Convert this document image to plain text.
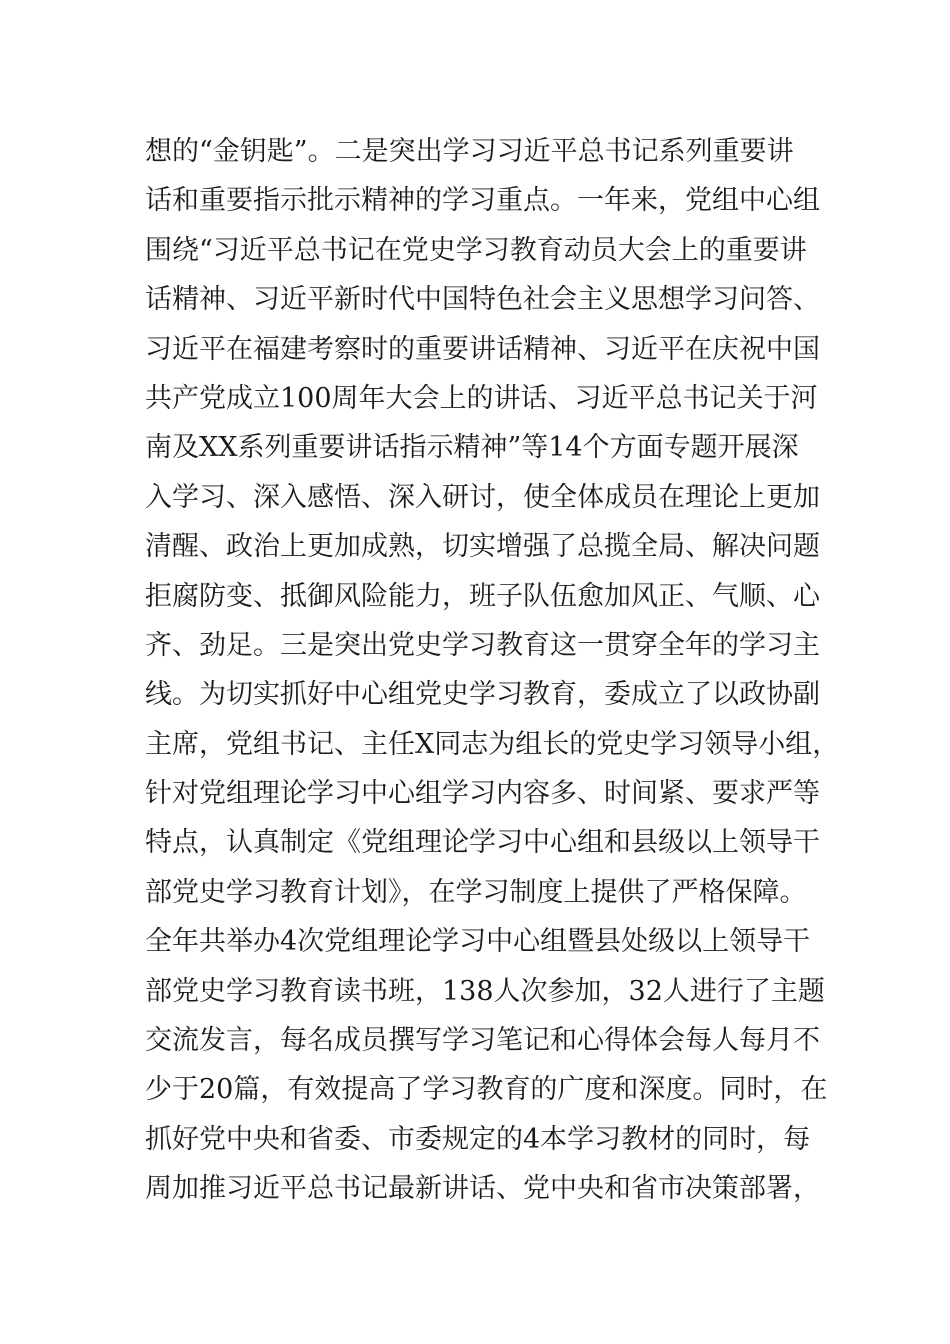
想的“金钥匙”。二是突出学习习近平总书记系列重要讲
话和重要指示批示精神的学习重点。一年来，党组中心组
围绕“习近平总书记在党史学习教育动员大会上的重要讲
话精神、习近平新时代中国特色社会主义思想学习问答、
习近平在福建考察时的重要讲话精神、习近平在庆祝中国
共产党成立100周年大会上的讲话、习近平总书记关于河
南及XX系列重要讲话指示精神”等14个方面专题开展深
入学习、深入感悟、深入研讨，使全体成员在理论上更加
清醒、政治上更加成熟，切实增强了总揽全局、解决问题
拒腐防变、抵御风险能力，班子队伍愈加风正、气顺、心
齐、劲足。三是突出党史学习教育这一贯穿全年的学习主
线。为切实抓好中心组党史学习教育，委成立了以政协副
主席，党组书记、主任X同志为组长的党史学习领导小组，
针对党组理论学习中心组学习内容多、时间紧、要求严等
特点，认真制定《党组理论学习中心组和县级以上领导干
部党史学习教育计划》，在学习制度上提供了严格保障。
全年共举办4次党组理论学习中心组暨县处级以上领导干
部党史学习教育读书班，138人次参加，32人进行了主题
交流发言，每名成员撰写学习笔记和心得体会每人每月不
少于20篇，有效提高了学习教育的广度和深度。同时，在
抓好党中央和省委、市委规定的4本学习教材的同时，每
周加推习近平总书记最新讲话、党中央和省市决策部署，
